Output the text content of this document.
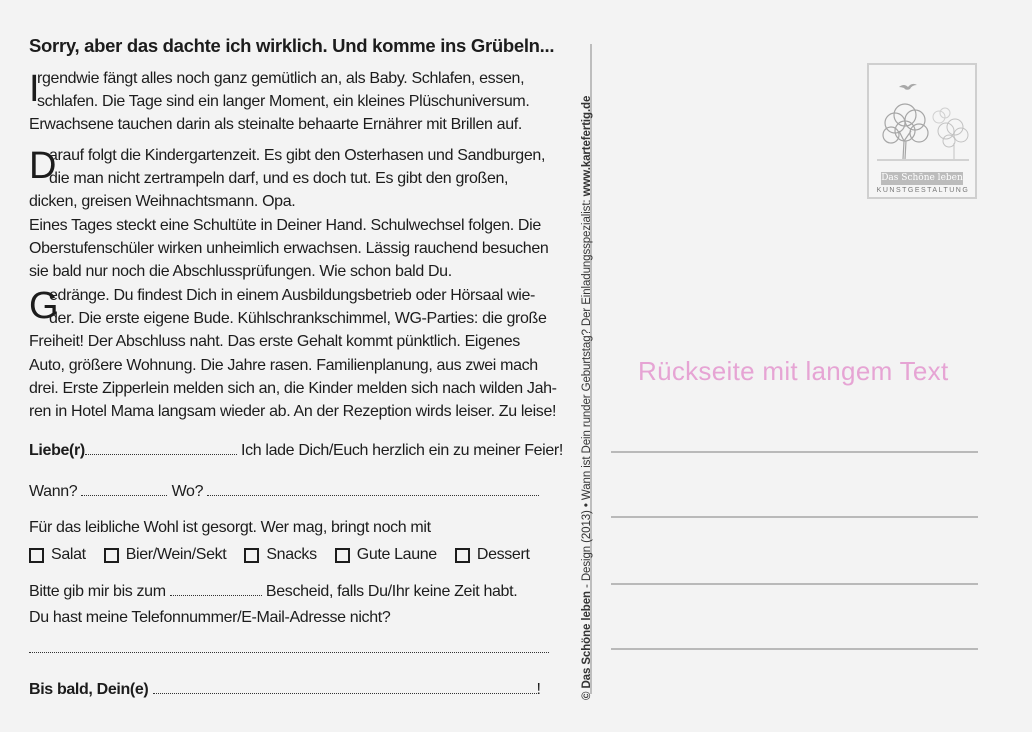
Sorry, aber das dachte ich wirklich. Und komme ins Grübeln...
I
rgendwie fängt alles noch ganz gemütlich an, als Baby. Schlafen, essen,
schlafen. Die Tage sind ein langer Moment, ein kleines Plüschuniversum.
Erwachsene tauchen darin als steinalte behaarte Ernährer mit Brillen auf.
D
arauf folgt die Kindergartenzeit. Es gibt den Osterhasen und Sandburgen,
die man nicht zertrampeln darf, und es doch tut. Es gibt den großen,
dicken, greisen Weihnachtsmann. Opa.
Eines Tages steckt eine Schultüte in Deiner Hand. Schulwechsel folgen. Die
Oberstufenschüler wirken unheimlich erwachsen. Lässig rauchend besuchen
sie bald nur noch die Abschlussprüfungen. Wie schon bald Du.
G
edränge. Du findest Dich in einem Ausbildungsbetrieb oder Hörsaal wie-
der. Die erste eigene Bude. Kühlschrankschimmel, WG-Parties: die große
Freiheit! Der Abschluss naht. Das erste Gehalt kommt pünktlich. Eigenes
Auto, größere Wohnung. Die Jahre rasen. Familienplanung, aus zwei mach
drei. Erste Zipperlein melden sich an, die Kinder melden sich nach wilden Jah-
ren in Hotel Mama langsam wieder ab. An der Rezeption wirds leiser. Zu leise!
Liebe(r)	Ich lade Dich/Euch herzlich ein zu meiner Feier!
Wann?	Wo?
Für das leibliche Wohl ist gesorgt. Wer mag, bringt noch mit
Salat	Bier/Wein/Sekt	Snacks	Gute Laune	Dessert
Bitte gib mir bis zum	Bescheid, falls Du/Ihr keine Zeit habt.
Du hast meine Telefonnummer/E-Mail-Adresse nicht?
Bis bald, Dein(e)	!	© Das Schöne leben - Design (2013) • Wann ist Dein runder Geburtstag? Der Einladungsspezialist: www.kartefertig.de	Das Schöne leben
KUNSTGESTALTUNG
Rückseite mit langem Text
